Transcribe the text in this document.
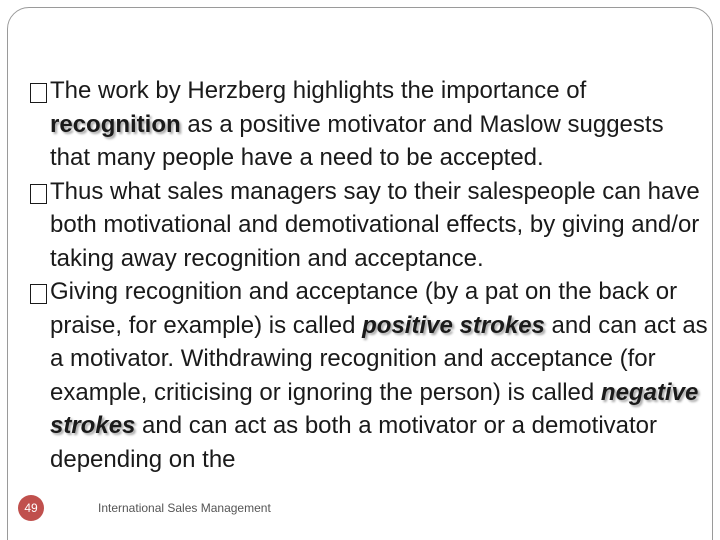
The work by Herzberg highlights the importance of recognition as a positive motivator and Maslow suggests that many people have a need to be accepted.
Thus what sales managers say to their salespeople can have both motivational and demotivational effects, by giving and/or taking away recognition and acceptance.
Giving recognition and acceptance (by a pat on the back or praise, for example) is called positive strokes and can act as a motivator. Withdrawing recognition and acceptance (for example, criticising or ignoring the person) is called negative strokes and can act as both a motivator or a demotivator depending on the
49	International Sales Management
